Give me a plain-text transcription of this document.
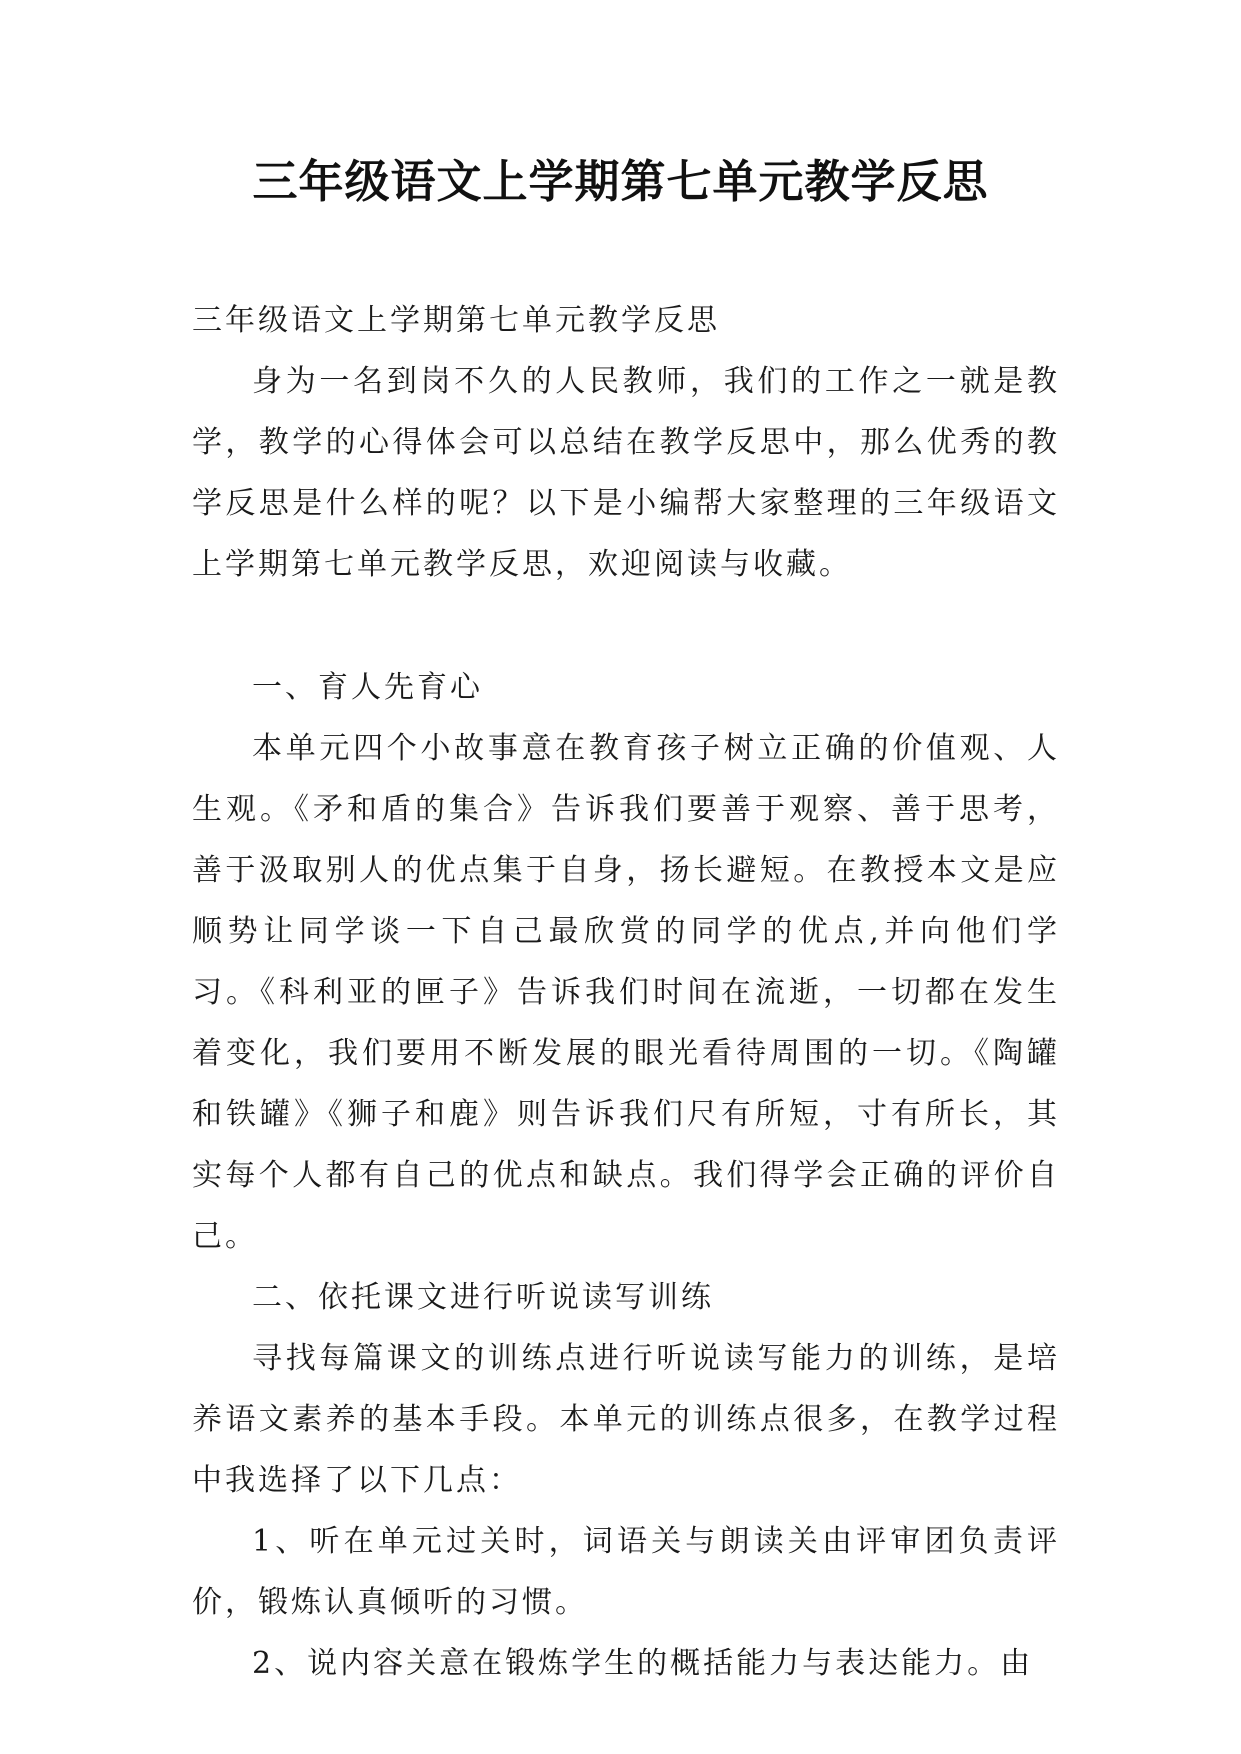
三年级语文上学期第七单元教学反思

三年级语文上学期第七单元教学反思

身为一名到岗不久的人民教师，我们的工作之一就是教学，教学的心得体会可以总结在教学反思中，那么优秀的教学反思是什么样的呢？以下是小编帮大家整理的三年级语文上学期第七单元教学反思，欢迎阅读与收藏。

一、育人先育心

本单元四个小故事意在教育孩子树立正确的价值观、人生观。《矛和盾的集合》告诉我们要善于观察、善于思考，善于汲取别人的优点集于自身，扬长避短。在教授本文是应顺势让同学谈一下自己最欣赏的同学的优点,并向他们学习。《科利亚的匣子》告诉我们时间在流逝，一切都在发生着变化，我们要用不断发展的眼光看待周围的一切。《陶罐和铁罐》《狮子和鹿》则告诉我们尺有所短，寸有所长，其实每个人都有自己的优点和缺点。我们得学会正确的评价自己。

二、依托课文进行听说读写训练

寻找每篇课文的训练点进行听说读写能力的训练，是培养语文素养的基本手段。本单元的训练点很多，在教学过程中我选择了以下几点：

1、听在单元过关时，词语关与朗读关由评审团负责评价，锻炼认真倾听的习惯。

2、说内容关意在锻炼学生的概括能力与表达能力。由
